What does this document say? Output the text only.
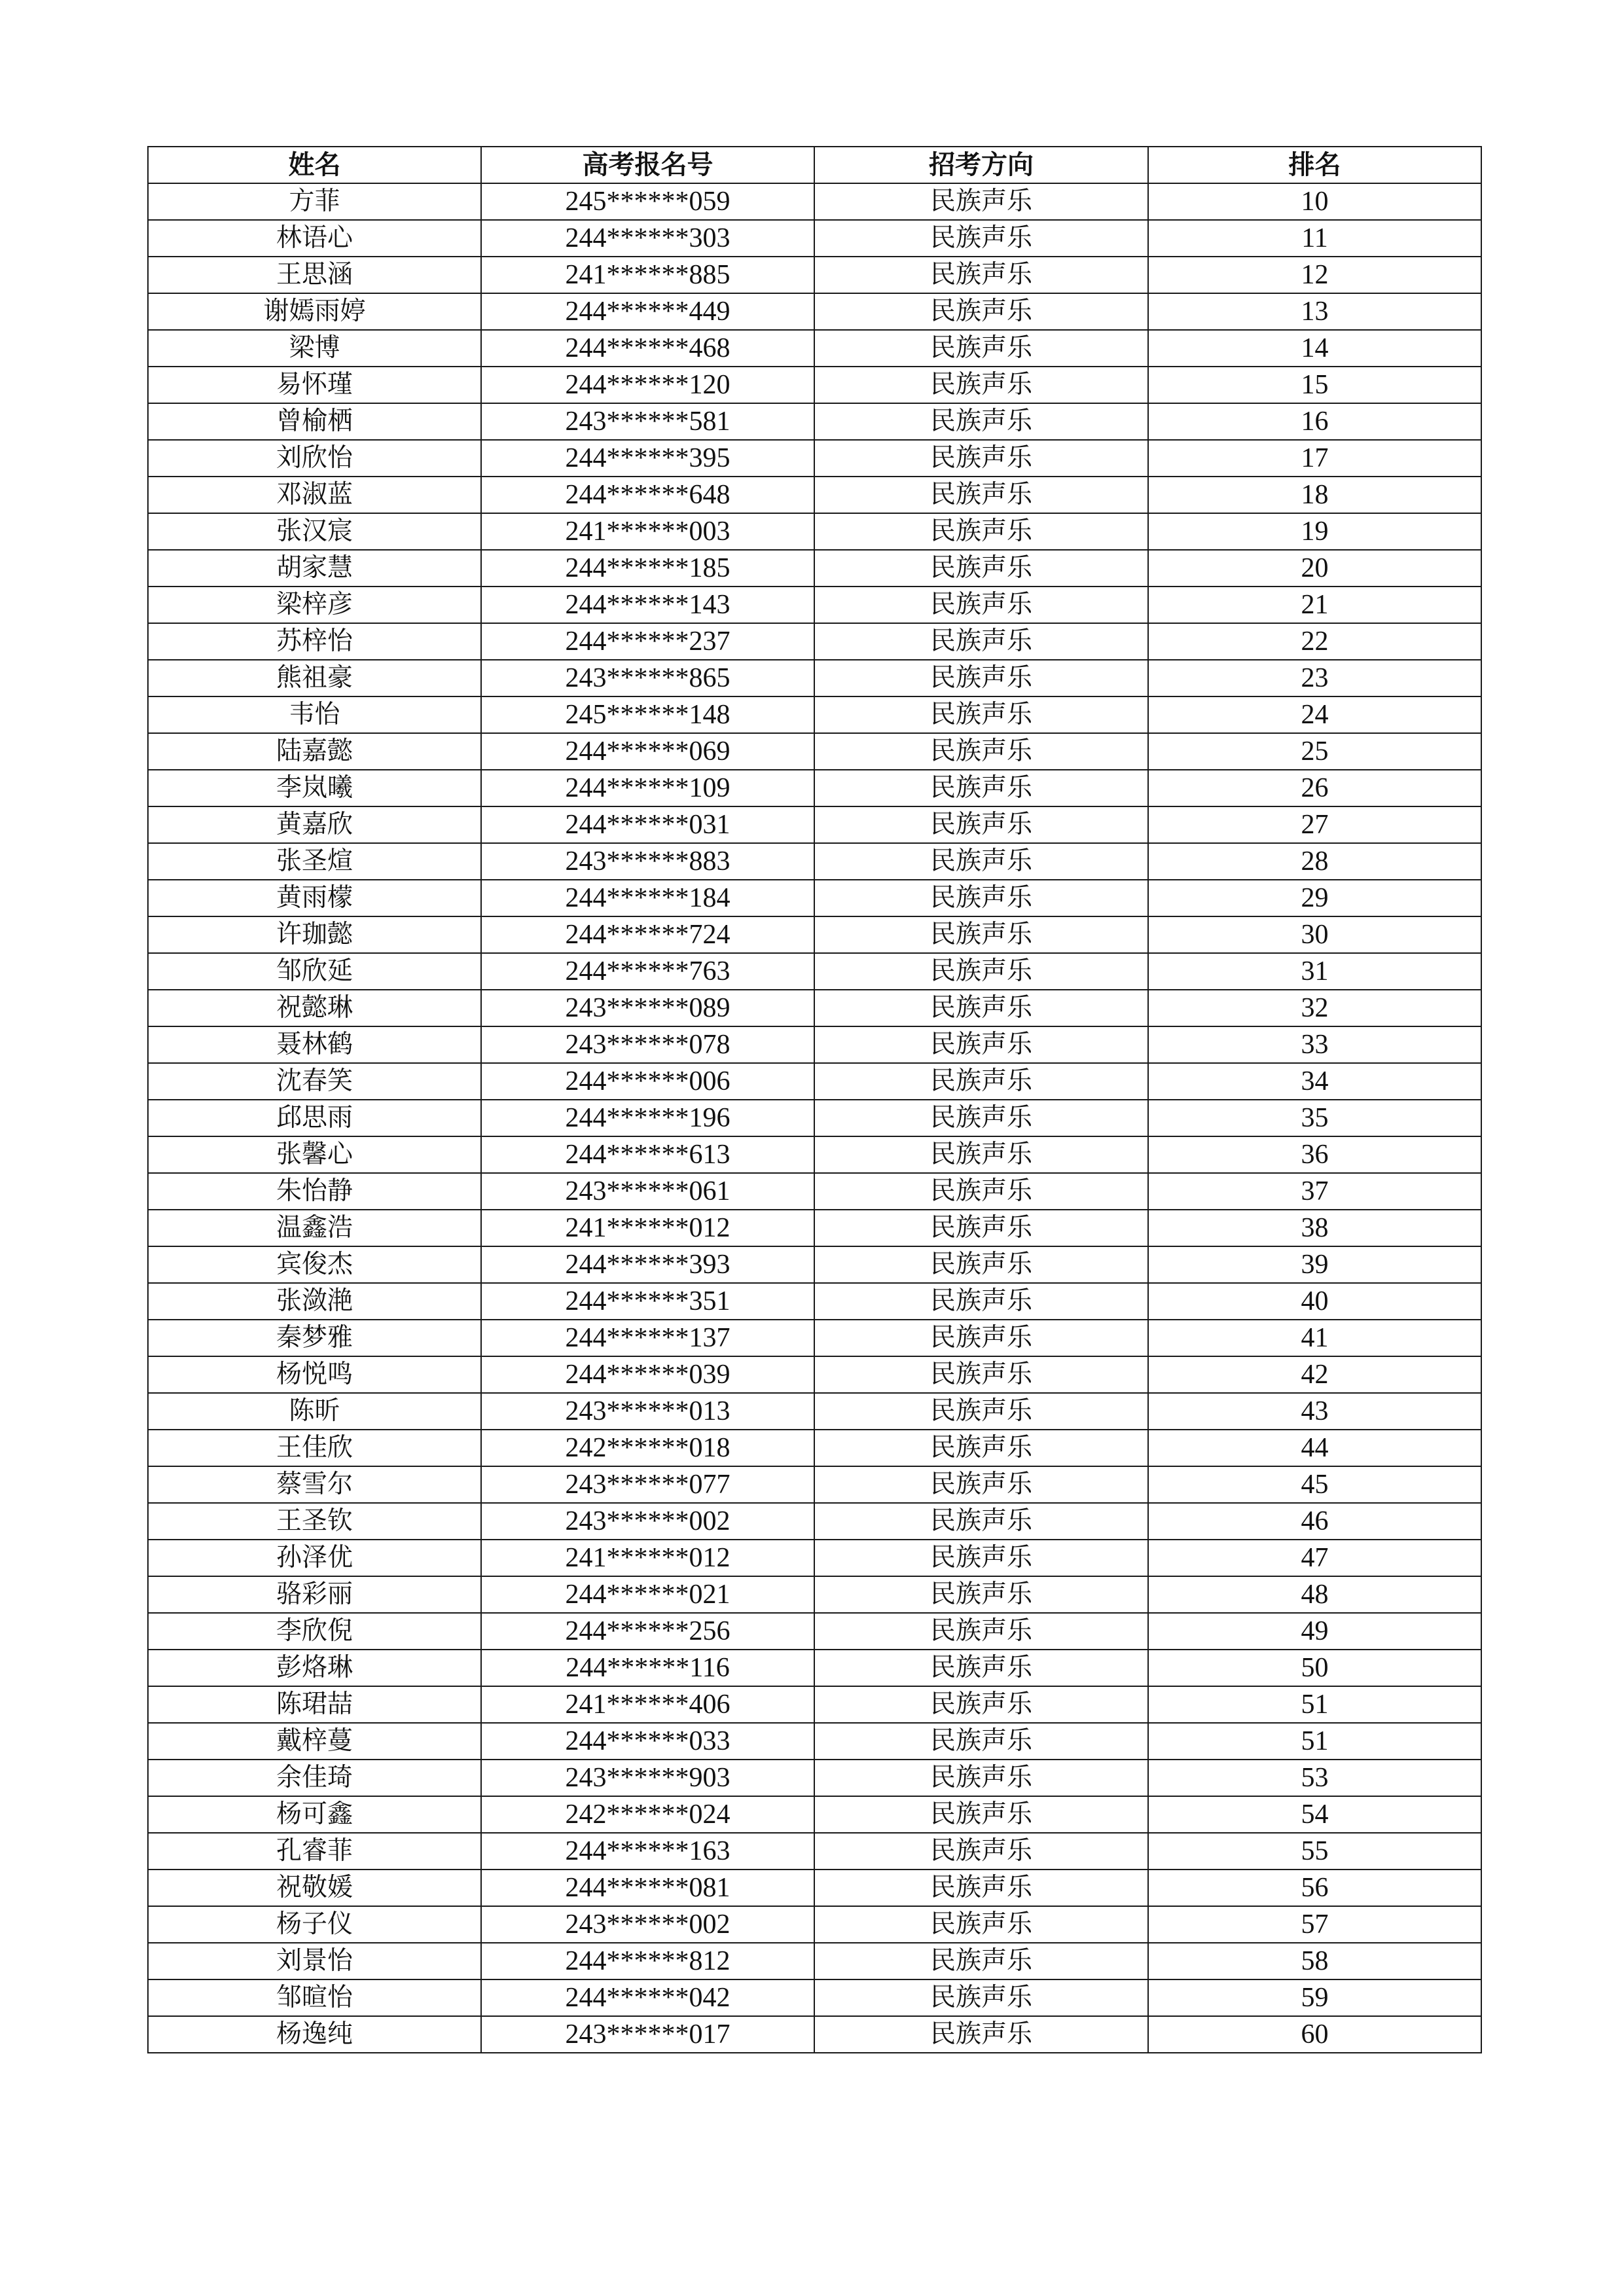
姓名	高考报名号	招考方向	排名
方菲	245******059	民族声乐	10
林语心	244******303	民族声乐	11
王思涵	241******885	民族声乐	12
谢嫣雨婷	244******449	民族声乐	13
梁博	244******468	民族声乐	14
易怀瑾	244******120	民族声乐	15
曾榆栖	243******581	民族声乐	16
刘欣怡	244******395	民族声乐	17
邓淑蓝	244******648	民族声乐	18
张汉宸	241******003	民族声乐	19
胡家慧	244******185	民族声乐	20
梁梓彦	244******143	民族声乐	21
苏梓怡	244******237	民族声乐	22
熊祖豪	243******865	民族声乐	23
韦怡	245******148	民族声乐	24
陆嘉懿	244******069	民族声乐	25
李岚曦	244******109	民族声乐	26
黄嘉欣	244******031	民族声乐	27
张圣煊	243******883	民族声乐	28
黄雨檬	244******184	民族声乐	29
许珈懿	244******724	民族声乐	30
邹欣延	244******763	民族声乐	31
祝懿琳	243******089	民族声乐	32
聂林鹤	243******078	民族声乐	33
沈春笑	244******006	民族声乐	34
邱思雨	244******196	民族声乐	35
张馨心	244******613	民族声乐	36
朱怡静	243******061	民族声乐	37
温鑫浩	241******012	民族声乐	38
宾俊杰	244******393	民族声乐	39
张潋滟	244******351	民族声乐	40
秦梦雅	244******137	民族声乐	41
杨悦鸣	244******039	民族声乐	42
陈昕	243******013	民族声乐	43
王佳欣	242******018	民族声乐	44
蔡雪尔	243******077	民族声乐	45
王圣钦	243******002	民族声乐	46
孙泽优	241******012	民族声乐	47
骆彩丽	244******021	民族声乐	48
李欣倪	244******256	民族声乐	49
彭烙琳	244******116	民族声乐	50
陈珺喆	241******406	民族声乐	51
戴梓蔓	244******033	民族声乐	51
余佳琦	243******903	民族声乐	53
杨可鑫	242******024	民族声乐	54
孔睿菲	244******163	民族声乐	55
祝敬媛	244******081	民族声乐	56
杨子仪	243******002	民族声乐	57
刘景怡	244******812	民族声乐	58
邹暄怡	244******042	民族声乐	59
杨逸纯	243******017	民族声乐	60
